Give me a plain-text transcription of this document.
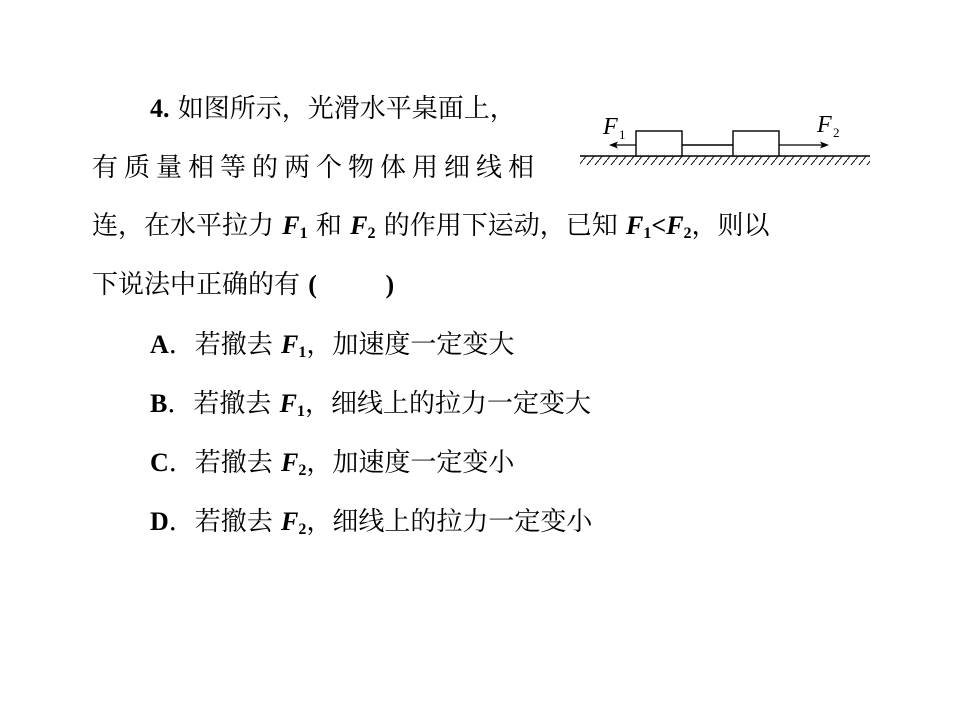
4. 如图所示，光滑水平桌面上，
有质量相等的两个物体用细线相
连，在水平拉力 $F_1$ 和 $F_2$ 的作用下运动，已知 $F_1<F_2$，则以
下说法中正确的有 (	)
A．若撤去 $F_1$，加速度一定变大
B．若撤去 $F_1$，细线上的拉力一定变大
C．若撤去 $F_2$，加速度一定变小
D．若撤去 $F_2$，细线上的拉力一定变小
F 1	F 2
